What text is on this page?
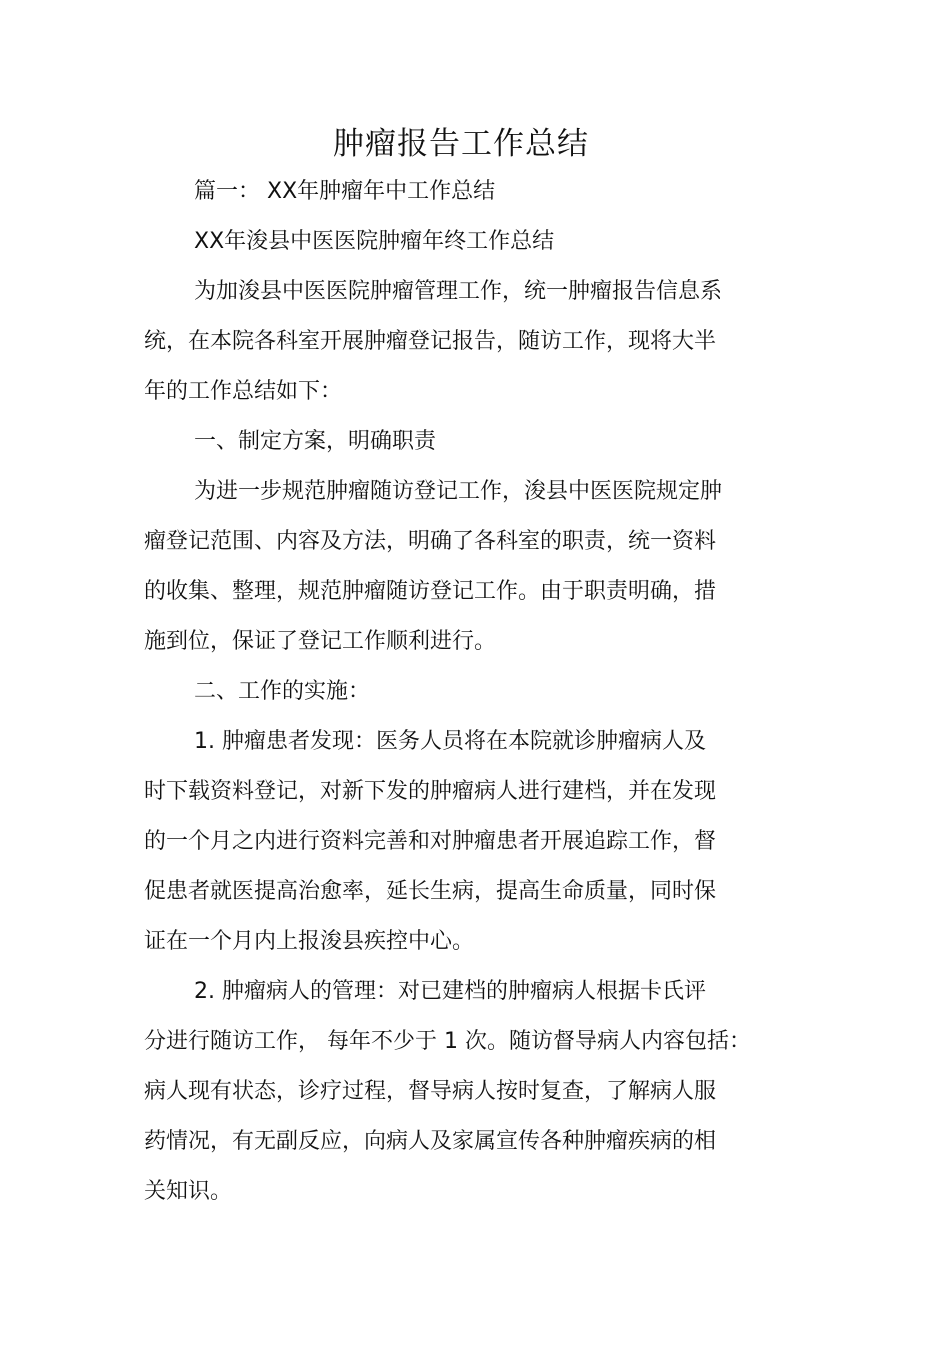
肿瘤报告工作总结

篇一： XX年肿瘤年中工作总结

XX年浚县中医医院肿瘤年终工作总结

为加浚县中医医院肿瘤管理工作，统一肿瘤报告信息系

统，在本院各科室开展肿瘤登记报告，随访工作，现将大半

年的工作总结如下：

一、制定方案，明确职责

为进一步规范肿瘤随访登记工作，浚县中医医院规定肿

瘤登记范围、内容及方法，明确了各科室的职责，统一资料

的收集、整理，规范肿瘤随访登记工作。由于职责明确，措

施到位，保证了登记工作顺利进行。

二、工作的实施：

1. 肿瘤患者发现：医务人员将在本院就诊肿瘤病人及

时下载资料登记，对新下发的肿瘤病人进行建档，并在发现

的一个月之内进行资料完善和对肿瘤患者开展追踪工作，督

促患者就医提高治愈率，延长生病，提高生命质量，同时保

证在一个月内上报浚县疾控中心。

2. 肿瘤病人的管理：对已建档的肿瘤病人根据卡氏评

分进行随访工作， 每年不少于 1 次。随访督导病人内容包括：

病人现有状态，诊疗过程，督导病人按时复查，了解病人服

药情况，有无副反应，向病人及家属宣传各种肿瘤疾病的相

关知识。
